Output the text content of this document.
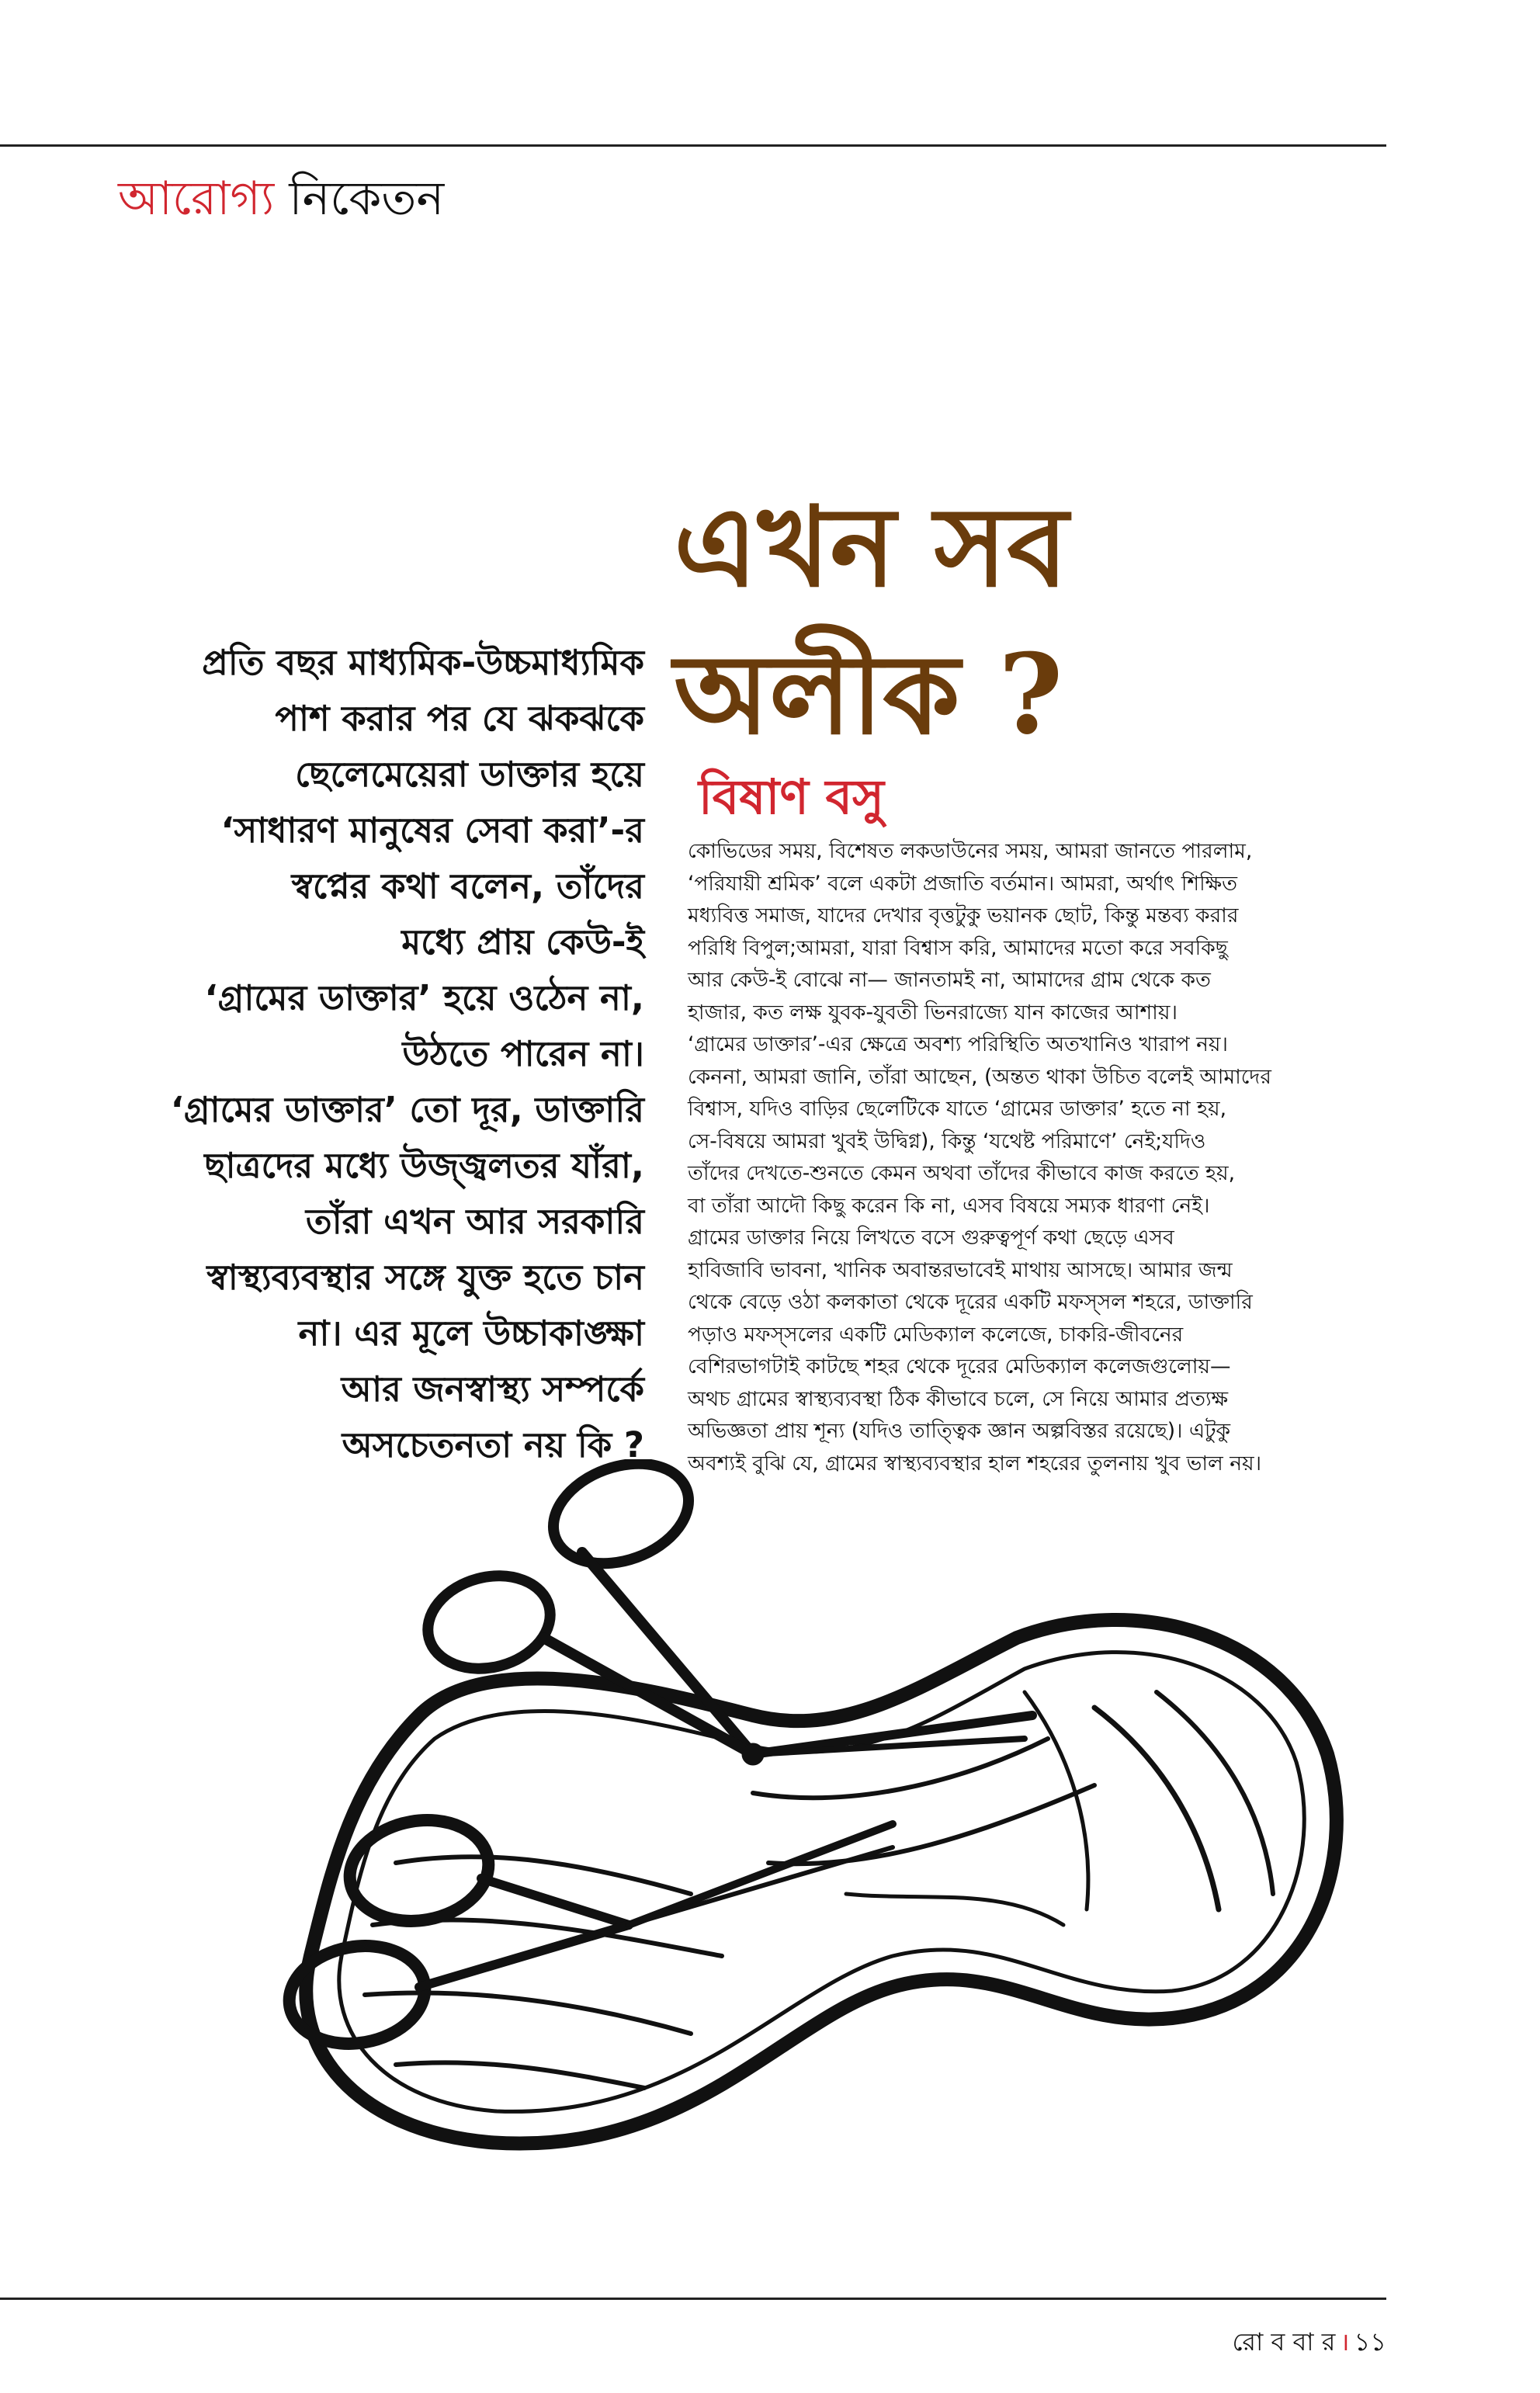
আরোগ্য নিকেতন
এখন সব
অলীক ?
বিষাণ বসু
প্রতি বছর মাধ্যমিক-উচ্চমাধ্যমিক
পাশ করার পর যে ঝকঝকে
ছেলেমেয়েরা ডাক্তার হয়ে
‘সাধারণ মানুষের সেবা করা’-র
স্বপ্নের কথা বলেন, তাঁদের
মধ্যে প্রায় কেউ-ই
‘গ্রামের ডাক্তার’ হয়ে ওঠেন না,
উঠতে পারেন না।
‘গ্রামের ডাক্তার’ তো দূর, ডাক্তারি
ছাত্রদের মধ্যে উজ্জ্বলতর যাঁরা,
তাঁরা এখন আর সরকারি
স্বাস্থ্যব্যবস্থার সঙ্গে যুক্ত হতে চান
না। এর মূলে উচ্চাকাঙ্ক্ষা
আর জনস্বাস্থ্য সম্পর্কে
অসচেতনতা নয় কি ?
কোভিডের সময়, বিশেষত লকডাউনের সময়, আমরা জানতে পারলাম,
‘পরিযায়ী শ্রমিক’ বলে একটা প্রজাতি বর্তমান। আমরা, অর্থাৎ শিক্ষিত
মধ্যবিত্ত সমাজ, যাদের দেখার বৃত্তটুকু ভয়ানক ছোট, কিন্তু মন্তব্য করার
পরিধি বিপুল;আমরা, যারা বিশ্বাস করি, আমাদের মতো করে সবকিছু
আর কেউ-ই বোঝে না— জানতামই না, আমাদের গ্রাম থেকে কত
হাজার, কত লক্ষ যুবক-যুবতী ভিনরাজ্যে যান কাজের আশায়।
‘গ্রামের ডাক্তার’-এর ক্ষেত্রে অবশ্য পরিস্থিতি অতখানিও খারাপ নয়।
কেননা, আমরা জানি, তাঁরা আছেন, (অন্তত থাকা উচিত বলেই আমাদের
বিশ্বাস, যদিও বাড়ির ছেলেটিকে যাতে ‘গ্রামের ডাক্তার’ হতে না হয়,
সে-বিষয়ে আমরা খুবই উদ্বিগ্ন), কিন্তু ‘যথেষ্ট পরিমাণে’ নেই;যদিও
তাঁদের দেখতে-শুনতে কেমন অথবা তাঁদের কীভাবে কাজ করতে হয়,
বা তাঁরা আদৌ কিছু করেন কি না, এসব বিষয়ে সম্যক ধারণা নেই।
গ্রামের ডাক্তার নিয়ে লিখতে বসে গুরুত্বপূর্ণ কথা ছেড়ে এসব
হাবিজাবি ভাবনা, খানিক অবান্তরভাবেই মাথায় আসছে। আমার জন্ম
থেকে বেড়ে ওঠা কলকাতা থেকে দূরের একটি মফস্সল শহরে, ডাক্তারি
পড়াও মফস্সলের একটি মেডিক্যাল কলেজে, চাকরি-জীবনের
বেশিরভাগটাই কাটছে শহর থেকে দূরের মেডিক্যাল কলেজগুলোয়—
অথচ গ্রামের স্বাস্থ্যব্যবস্থা ঠিক কীভাবে চলে, সে নিয়ে আমার প্রত্যক্ষ
অভিজ্ঞতা প্রায় শূন্য (যদিও তাত্ত্বিক জ্ঞান অল্পবিস্তর রয়েছে)। এটুকু
অবশ্যই বুঝি যে, গ্রামের স্বাস্থ্যব্যবস্থার হাল শহরের তুলনায় খুব ভাল নয়।
রো ব বা র । ১১
